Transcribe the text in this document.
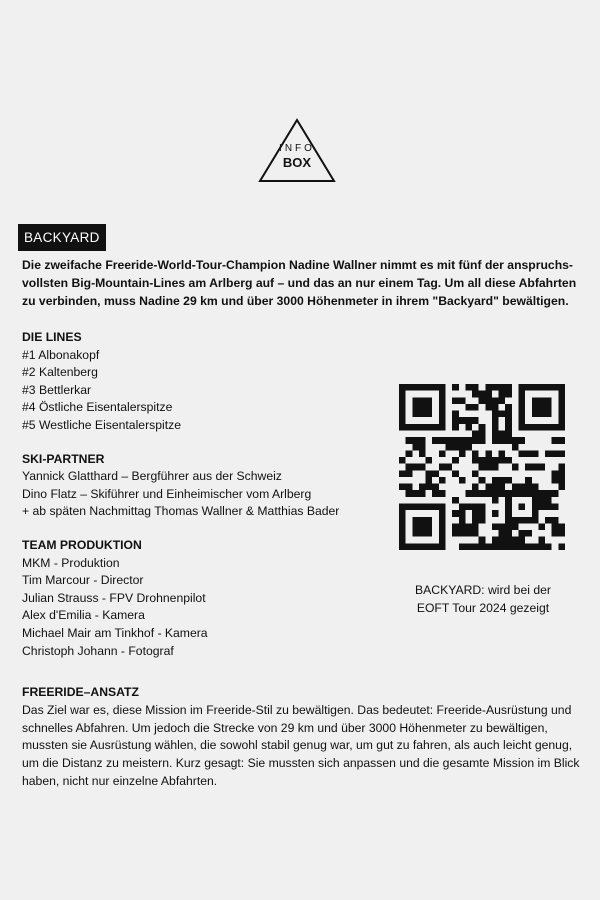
INFO
BOX
BACKYARD

Die zweifache Freeride-World-Tour-Champion Nadine Wallner nimmt es mit fünf der anspruchs-vollsten Big-Mountain-Lines am Arlberg auf – und das an nur einem Tag. Um all diese Abfahrten zu verbinden, muss Nadine 29 km und über 3000 Höhenmeter in ihrem "Backyard" bewältigen.

DIE LINES
#1 Albonakopf
#2 Kaltenberg
#3 Bettlerkar
#4 Östliche Eisentalerspitze
#5 Westliche Eisentalerspitze
SKI-PARTNER
Yannick Glatthard – Bergführer aus der Schweiz
Dino Flatz – Skiführer und Einheimischer vom Arlberg
+ ab späten Nachmittag Thomas Wallner & Matthias Bader
TEAM PRODUKTION
MKM - Produktion
Tim Marcour - Director
Julian Strauss - FPV Drohnenpilot
Alex d'Emilia - Kamera
Michael Mair am Tinkhof - Kamera
Christoph Johann - Fotograf
BACKYARD: wird bei der
EOFT Tour 2024 gezeigt
FREERIDE–ANSATZ

Das Ziel war es, diese Mission im Freeride-Stil zu bewältigen. Das bedeutet: Freeride-Ausrüstung und schnelles Abfahren. Um jedoch die Strecke von 29 km und über 3000 Höhenmeter zu bewältigen, mussten sie Ausrüstung wählen, die sowohl stabil genug war, um gut zu fahren, als auch leicht genug, um die Distanz zu meistern. Kurz gesagt: Sie mussten sich anpassen und die gesamte Mission im Blick haben, nicht nur einzelne Abfahrten.
